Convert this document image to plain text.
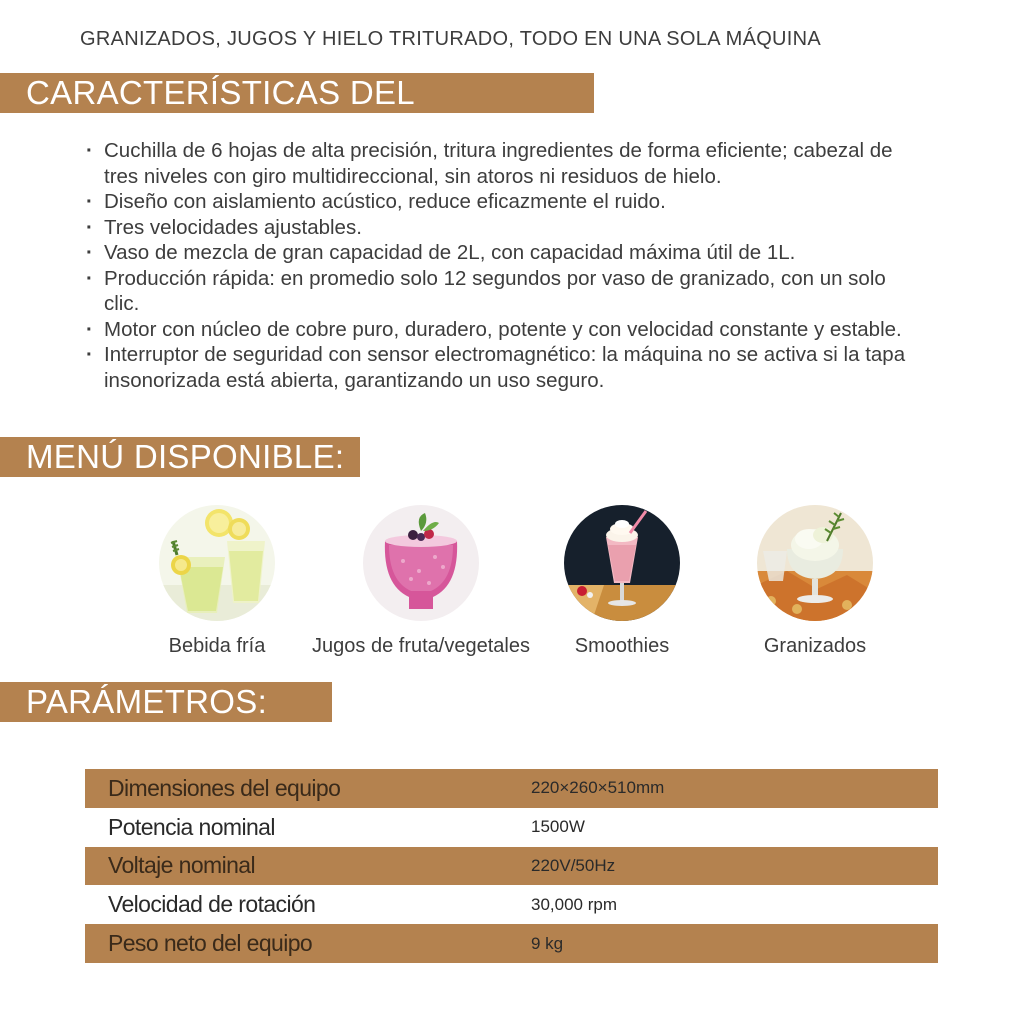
GRANIZADOS, JUGOS Y HIELO TRITURADO, TODO EN UNA SOLA MÁQUINA
CARACTERÍSTICAS DEL PRODUCTO:
· Cuchilla de 6 hojas de alta precisión, tritura ingredientes de forma eficiente; cabezal de tres niveles con giro multidireccional, sin atoros ni residuos de hielo.
· Diseño con aislamiento acústico, reduce eficazmente el ruido.
· Tres velocidades ajustables.
· Vaso de mezcla de gran capacidad de 2L, con capacidad máxima útil de 1L.
· Producción rápida: en promedio solo 12 segundos por vaso de granizado, con un solo clic.
· Motor con núcleo de cobre puro, duradero, potente y con velocidad constante y estable.
· Interruptor de seguridad con sensor electromagnético: la máquina no se activa si la tapa insonorizada está abierta, garantizando un uso seguro.
MENÚ DISPONIBLE:
Bebida fría	Jugos de fruta/vegetales	Smoothies	Granizados
PARÁMETROS:
Dimensiones del equipo	220×260×510mm
Potencia nominal	1500W
Voltaje nominal	220V/50Hz
Velocidad de rotación	30,000 rpm
Peso neto del equipo	9 kg
